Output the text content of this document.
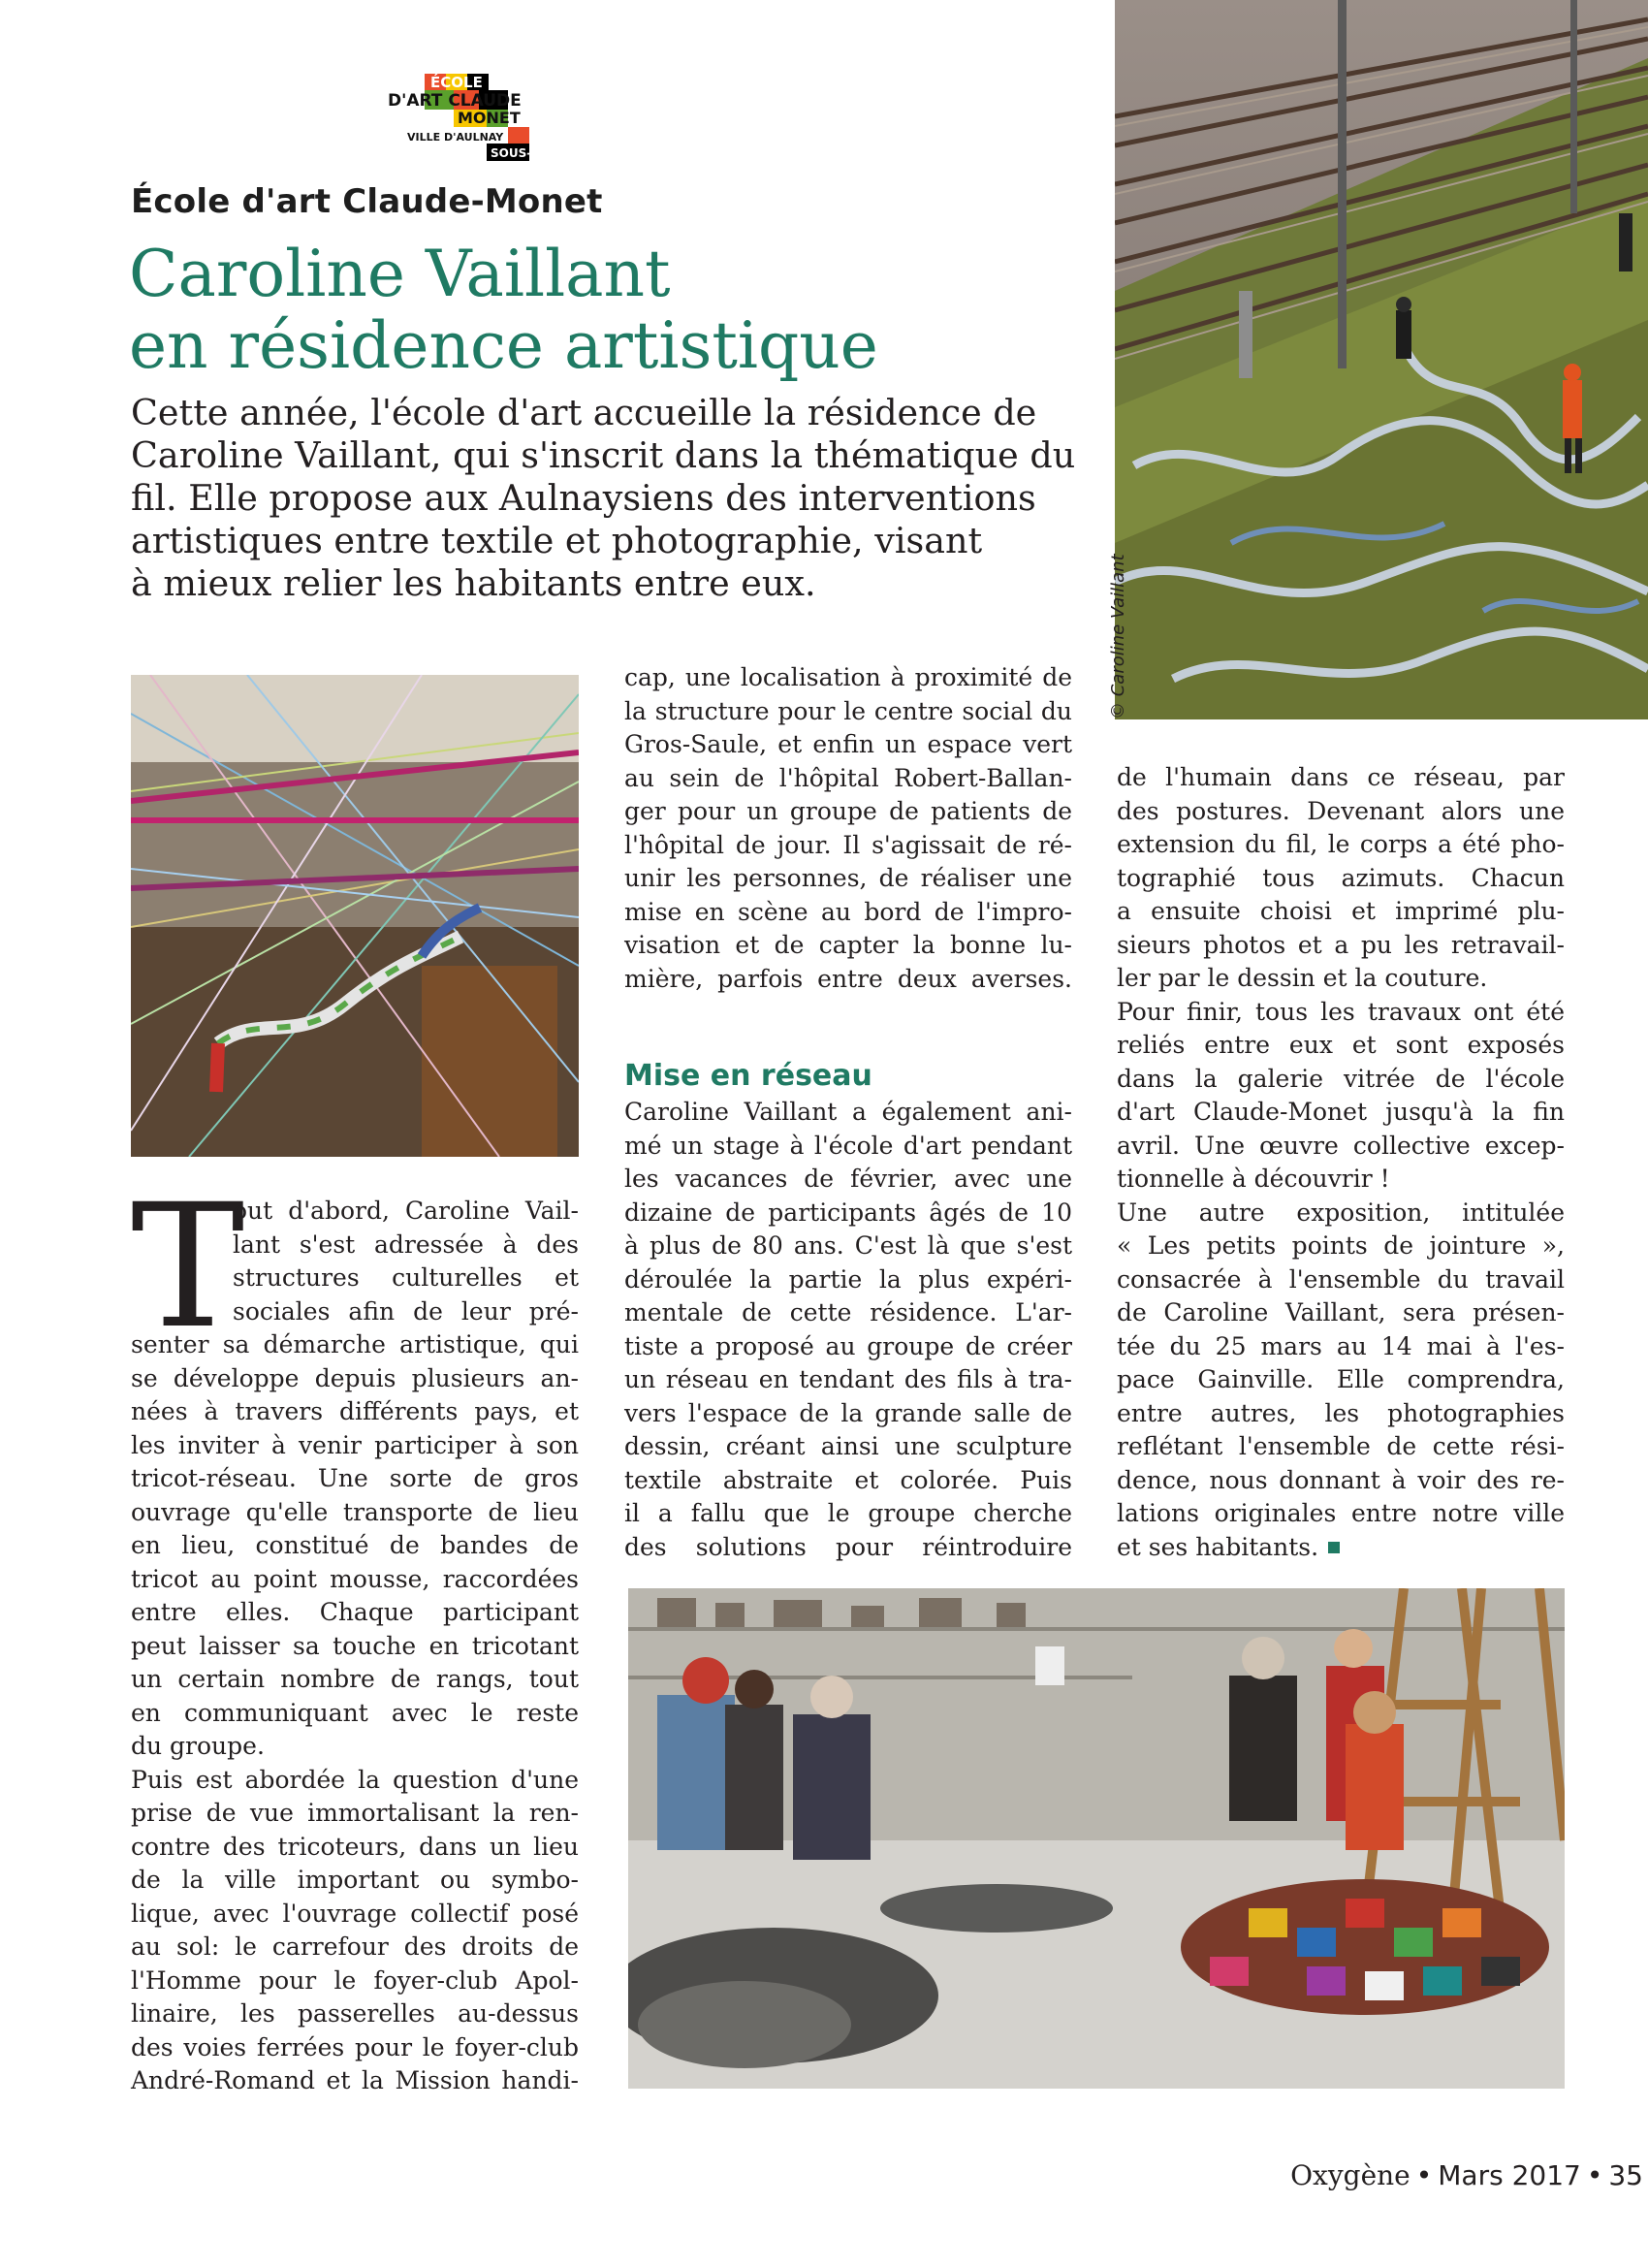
ÉCOLE
D'ART CLAUDE
MONET
VILLE D'AULNAY
SOUS-BOIS
École d'art Claude-Monet
Caroline Vaillant
en résidence artistique
Cette année, l'école d'art accueille la résidence de
Caroline Vaillant, qui s'inscrit dans la thématique du
fil. Elle propose aux Aulnaysiens des interventions
artistiques entre textile et photographie, visant
à mieux relier les habitants entre eux.	© Caroline Vaillant
T
out d'abord, Caroline Vail-
lant s'est adressée à des
structures culturelles et
sociales afin de leur pré-
senter sa démarche artistique, qui
se développe depuis plusieurs an-
nées à travers différents pays, et
les inviter à venir participer à son
tricot-réseau. Une sorte de gros
ouvrage qu'elle transporte de lieu
en lieu, constitué de bandes de
tricot au point mousse, raccordées
entre elles. Chaque participant
peut laisser sa touche en tricotant
un certain nombre de rangs, tout
en communiquant avec le reste
du groupe.
Puis est abordée la question d'une
prise de vue immortalisant la ren-
contre des tricoteurs, dans un lieu
de la ville important ou symbo-
lique, avec l'ouvrage collectif posé
au sol: le carrefour des droits de
l'Homme pour le foyer-club Apol-
linaire, les passerelles au-dessus
des voies ferrées pour le foyer-club
André-Romand et la Mission handi-
cap, une localisation à proximité de
la structure pour le centre social du
Gros-Saule, et enfin un espace vert
au sein de l'hôpital Robert-Ballan-
ger pour un groupe de patients de
l'hôpital de jour. Il s'agissait de ré-
unir les personnes, de réaliser une
mise en scène au bord de l'impro-
visation et de capter la bonne lu-
mière, parfois entre deux averses.
Mise en réseau
Caroline Vaillant a également ani-
mé un stage à l'école d'art pendant
les vacances de février, avec une
dizaine de participants âgés de 10
à plus de 80 ans. C'est là que s'est
déroulée la partie la plus expéri-
mentale de cette résidence. L'ar-
tiste a proposé au groupe de créer
un réseau en tendant des fils à tra-
vers l'espace de la grande salle de
dessin, créant ainsi une sculpture
textile abstraite et colorée. Puis
il a fallu que le groupe cherche
des solutions pour réintroduire
de l'humain dans ce réseau, par
des postures. Devenant alors une
extension du fil, le corps a été pho-
tographié tous azimuts. Chacun
a ensuite choisi et imprimé plu-
sieurs photos et a pu les retravail-
ler par le dessin et la couture.
Pour finir, tous les travaux ont été
reliés entre eux et sont exposés
dans la galerie vitrée de l'école
d'art Claude-Monet jusqu'à la fin
avril. Une œuvre collective excep-
tionnelle à découvrir !
Une autre exposition, intitulée
« Les petits points de jointure »,
consacrée à l'ensemble du travail
de Caroline Vaillant, sera présen-
tée du 25 mars au 14 mai à l'es-
pace Gainville. Elle comprendra,
entre autres, les photographies
reflétant l'ensemble de cette rési-
dence, nous donnant à voir des re-
lations originales entre notre ville
et ses habitants.
Oxygène • Mars 2017 • 35
